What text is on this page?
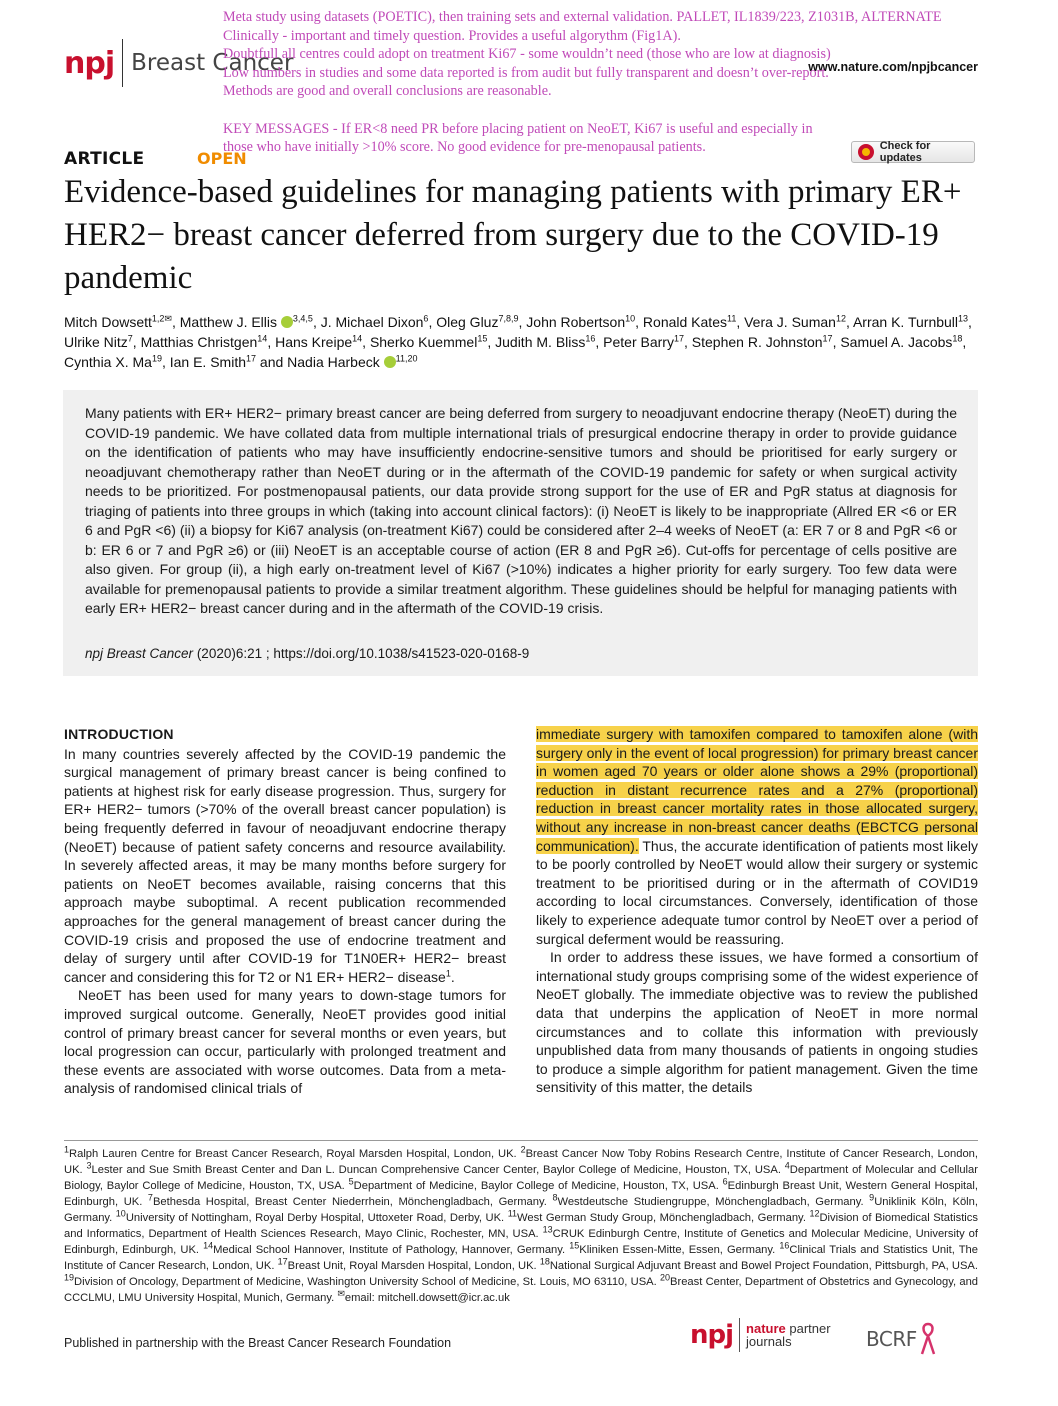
Meta study using datasets (POETIC), then training sets and external validation. PALLET, IL1839/223, Z1031B, ALTERNATE
Clinically - important and timely question. Provides a useful algorythm (Fig1A).
Doubtfull all centres could adopt on treatment Ki67 - some wouldn’t need (those who are low at diagnosis)
Low numbers in studies and some data reported is from audit but fully transparent and doesn’t over-report.
Methods are good and overall conclusions are reasonable.

KEY MESSAGES - If ER<8 need PR before placing patient on NeoET, Ki67 is useful and especially in
those who have initially >10% score. No good evidence for pre-menopausal patients.
npj Breast Cancer	www.nature.com/npjbcancer
ARTICLE	OPEN
Check for updates
Evidence-based guidelines for managing patients with primary ER+ HER2− breast cancer deferred from surgery due to the COVID-19 pandemic
Mitch Dowsett$^{1,2✉}$, Matthew J. Ellis $^{3,4,5}$, J. Michael Dixon$^6$, Oleg Gluz$^{7,8,9}$, John Robertson$^{10}$, Ronald Kates$^{11}$, Vera J. Suman$^{12}$, Arran K. Turnbull$^{13}$, Ulrike Nitz$^7$, Matthias Christgen$^{14}$, Hans Kreipe$^{14}$, Sherko Kuemmel$^{15}$, Judith M. Bliss$^{16}$, Peter Barry$^{17}$, Stephen R. Johnston$^{17}$, Samuel A. Jacobs$^{18}$, Cynthia X. Ma$^{19}$, Ian E. Smith$^{17}$ and Nadia Harbeck $^{11,20}$
Many patients with ER+ HER2− primary breast cancer are being deferred from surgery to neoadjuvant endocrine therapy (NeoET) during the COVID-19 pandemic. We have collated data from multiple international trials of presurgical endocrine therapy in order to provide guidance on the identification of patients who may have insufficiently endocrine-sensitive tumors and should be prioritised for early surgery or neoadjuvant chemotherapy rather than NeoET during or in the aftermath of the COVID-19 pandemic for safety or when surgical activity needs to be prioritized. For postmenopausal patients, our data provide strong support for the use of ER and PgR status at diagnosis for triaging of patients into three groups in which (taking into account clinical factors): (i) NeoET is likely to be inappropriate (Allred ER <6 or ER 6 and PgR <6) (ii) a biopsy for Ki67 analysis (on-treatment Ki67) could be considered after 2–4 weeks of NeoET (a: ER 7 or 8 and PgR <6 or b: ER 6 or 7 and PgR ≥6) or (iii) NeoET is an acceptable course of action (ER 8 and PgR ≥6). Cut-offs for percentage of cells positive are also given. For group (ii), a high early on-treatment level of Ki67 (>10%) indicates a higher priority for early surgery. Too few data were available for premenopausal patients to provide a similar treatment algorithm. These guidelines should be helpful for managing patients with early ER+ HER2− breast cancer during and in the aftermath of the COVID-19 crisis.
npj Breast Cancer (2020)6:21 ; https://doi.org/10.1038/s41523-020-0168-9
INTRODUCTION

In many countries severely affected by the COVID-19 pandemic the surgical management of primary breast cancer is being confined to patients at highest risk for early disease progression. Thus, surgery for ER+ HER2− tumors (>70% of the overall breast cancer population) is being frequently deferred in favour of neoadjuvant endocrine therapy (NeoET) because of patient safety concerns and resource availability. In severely affected areas, it may be many months before surgery for patients on NeoET becomes available, raising concerns that this approach maybe suboptimal. A recent publication recommended approaches for the general management of breast cancer during the COVID-19 crisis and proposed the use of endocrine treatment and delay of surgery until after COVID-19 for T1N0ER+ HER2− breast cancer and considering this for T2 or N1 ER+ HER2− disease$^1$.

NeoET has been used for many years to down-stage tumors for improved surgical outcome. Generally, NeoET provides good initial control of primary breast cancer for several months or even years, but local progression can occur, particularly with prolonged treatment and these events are associated with worse outcomes. Data from a meta-analysis of randomised clinical trials of

immediate surgery with tamoxifen compared to tamoxifen alone (with surgery only in the event of local progression) for primary breast cancer in women aged 70 years or older alone shows a 29% (proportional) reduction in distant recurrence rates and a 27% (proportional) reduction in breast cancer mortality rates in those allocated surgery, without any increase in non-breast cancer deaths (EBCTCG personal communication). Thus, the accurate identification of patients most likely to be poorly controlled by NeoET would allow their surgery or systemic treatment to be prioritised during or in the aftermath of COVID19 according to local circumstances. Conversely, identification of those likely to experience adequate tumor control by NeoET over a period of surgical deferment would be reassuring.

In order to address these issues, we have formed a consortium of international study groups comprising some of the widest experience of NeoET globally. The immediate objective was to review the published data that underpins the application of NeoET in more normal circumstances and to collate this information with previously unpublished data from many thousands of patients in ongoing studies to produce a simple algorithm for patient management. Given the time sensitivity of this matter, the details

$^1$Ralph Lauren Centre for Breast Cancer Research, Royal Marsden Hospital, London, UK. $^2$Breast Cancer Now Toby Robins Research Centre, Institute of Cancer Research, London, UK. $^3$Lester and Sue Smith Breast Center and Dan L. Duncan Comprehensive Cancer Center, Baylor College of Medicine, Houston, TX, USA. $^4$Department of Molecular and Cellular Biology, Baylor College of Medicine, Houston, TX, USA. $^5$Department of Medicine, Baylor College of Medicine, Houston, TX, USA. $^6$Edinburgh Breast Unit, Western General Hospital, Edinburgh, UK. $^7$Bethesda Hospital, Breast Center Niederrhein, Mönchengladbach, Germany. $^8$Westdeutsche Studiengruppe, Mönchengladbach, Germany. $^9$Uniklinik Köln, Köln, Germany. $^{10}$University of Nottingham, Royal Derby Hospital, Uttoxeter Road, Derby, UK. $^{11}$West German Study Group, Mönchengladbach, Germany. $^{12}$Division of Biomedical Statistics and Informatics, Department of Health Sciences Research, Mayo Clinic, Rochester, MN, USA. $^{13}$CRUK Edinburgh Centre, Institute of Genetics and Molecular Medicine, University of Edinburgh, Edinburgh, UK. $^{14}$Medical School Hannover, Institute of Pathology, Hannover, Germany. $^{15}$Kliniken Essen-Mitte, Essen, Germany. $^{16}$Clinical Trials and Statistics Unit, The Institute of Cancer Research, London, UK. $^{17}$Breast Unit, Royal Marsden Hospital, London, UK. $^{18}$National Surgical Adjuvant Breast and Bowel Project Foundation, Pittsburgh, PA, USA. $^{19}$Division of Oncology, Department of Medicine, Washington University School of Medicine, St. Louis, MO 63110, USA. $^{20}$Breast Center, Department of Obstetrics and Gynecology, and CCCLMU, LMU University Hospital, Munich, Germany. ✉email: mitchell.dowsett@icr.ac.uk
Published in partnership with the Breast Cancer Research Foundation	npj nature partner
journals	BCRF
